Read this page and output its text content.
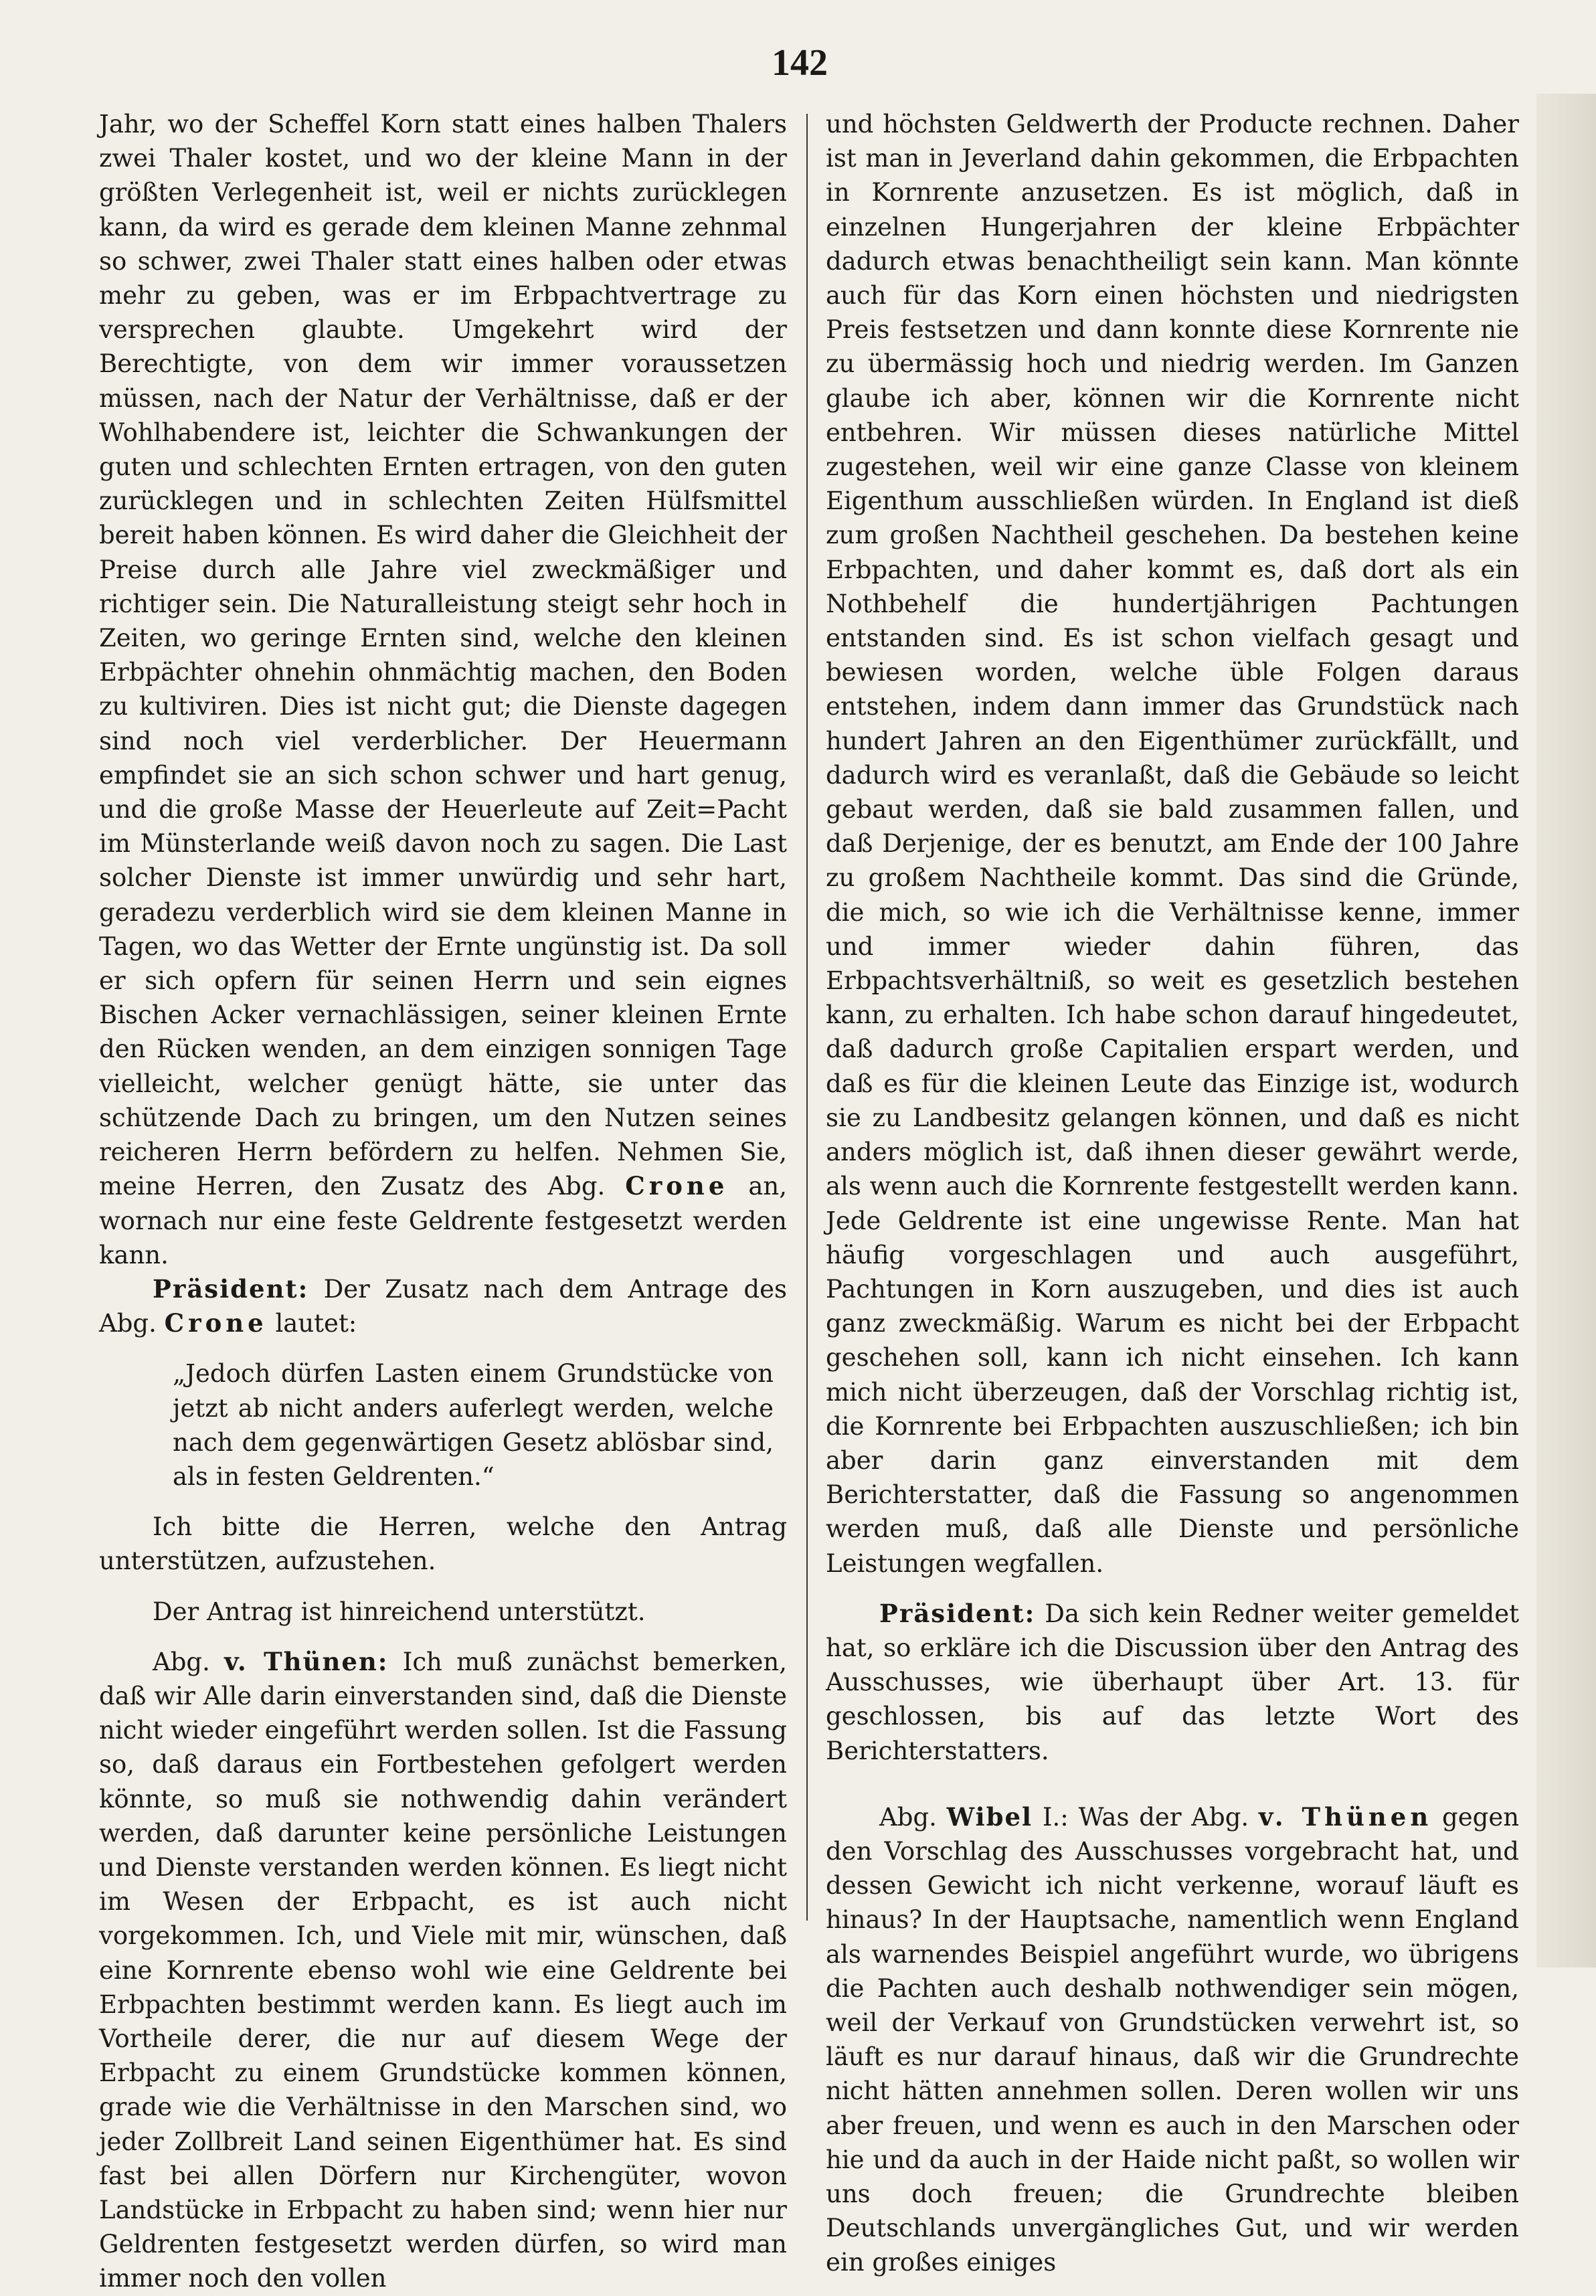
142

Jahr, wo der Scheffel Korn statt eines halben Thalers zwei Thaler kostet, und wo der kleine Mann in der größten Verlegenheit ist, weil er nichts zurücklegen kann, da wird es gerade dem kleinen Manne zehnmal so schwer, zwei Thaler statt eines halben oder etwas mehr zu geben, was er im Erbpachtvertrage zu versprechen glaubte. Umgekehrt wird der Berechtigte, von dem wir immer voraussetzen müssen, nach der Natur der Verhältnisse, daß er der Wohlhabendere ist, leichter die Schwankungen der guten und schlechten Ernten ertragen, von den guten zurücklegen und in schlechten Zeiten Hülfsmittel bereit haben können. Es wird daher die Gleichheit der Preise durch alle Jahre viel zweckmäßiger und richtiger sein. Die Naturalleistung steigt sehr hoch in Zeiten, wo geringe Ernten sind, welche den kleinen Erbpächter ohnehin ohnmächtig machen, den Boden zu kultiviren. Dies ist nicht gut; die Dienste dagegen sind noch viel verderblicher. Der Heuermann empfindet sie an sich schon schwer und hart genug, und die große Masse der Heuerleute auf Zeit=Pacht im Münsterlande weiß davon noch zu sagen. Die Last solcher Dienste ist immer unwürdig und sehr hart, geradezu verderblich wird sie dem kleinen Manne in Tagen, wo das Wetter der Ernte ungünstig ist. Da soll er sich opfern für seinen Herrn und sein eignes Bischen Acker vernachlässigen, seiner kleinen Ernte den Rücken wenden, an dem einzigen sonnigen Tage vielleicht, welcher genügt hätte, sie unter das schützende Dach zu bringen, um den Nutzen seines reicheren Herrn befördern zu helfen. Nehmen Sie, meine Herren, den Zusatz des Abg. Crone an, wornach nur eine feste Geldrente festgesetzt werden kann.

Präsident: Der Zusatz nach dem Antrage des Abg. Crone lautet:

„Jedoch dürfen Lasten einem Grundstücke von jetzt ab nicht anders auferlegt werden, welche nach dem gegenwärtigen Gesetz ablösbar sind, als in festen Geldrenten.“

Ich bitte die Herren, welche den Antrag unterstützen, aufzustehen.

Der Antrag ist hinreichend unterstützt.

Abg. v. Thünen: Ich muß zunächst bemerken, daß wir Alle darin einverstanden sind, daß die Dienste nicht wieder eingeführt werden sollen. Ist die Fassung so, daß daraus ein Fortbestehen gefolgert werden könnte, so muß sie nothwendig dahin verändert werden, daß darunter keine persönliche Leistungen und Dienste verstanden werden können. Es liegt nicht im Wesen der Erbpacht, es ist auch nicht vorgekommen. Ich, und Viele mit mir, wünschen, daß eine Kornrente ebenso wohl wie eine Geldrente bei Erbpachten bestimmt werden kann. Es liegt auch im Vortheile derer, die nur auf diesem Wege der Erbpacht zu einem Grundstücke kommen können, grade wie die Verhältnisse in den Marschen sind, wo jeder Zollbreit Land seinen Eigenthümer hat. Es sind fast bei allen Dörfern nur Kirchengüter, wovon Landstücke in Erbpacht zu haben sind; wenn hier nur Geldrenten festgesetzt werden dürfen, so wird man immer noch den vollen

und höchsten Geldwerth der Producte rechnen. Daher ist man in Jeverland dahin gekommen, die Erbpachten in Kornrente anzusetzen. Es ist möglich, daß in einzelnen Hungerjahren der kleine Erbpächter dadurch etwas benachtheiligt sein kann. Man könnte auch für das Korn einen höchsten und niedrigsten Preis festsetzen und dann konnte diese Kornrente nie zu übermässig hoch und niedrig werden. Im Ganzen glaube ich aber, können wir die Kornrente nicht entbehren. Wir müssen dieses natürliche Mittel zugestehen, weil wir eine ganze Classe von kleinem Eigenthum ausschließen würden. In England ist dieß zum großen Nachtheil geschehen. Da bestehen keine Erbpachten, und daher kommt es, daß dort als ein Nothbehelf die hundertjährigen Pachtungen entstanden sind. Es ist schon vielfach gesagt und bewiesen worden, welche üble Folgen daraus entstehen, indem dann immer das Grundstück nach hundert Jahren an den Eigenthümer zurückfällt, und dadurch wird es veranlaßt, daß die Gebäude so leicht gebaut werden, daß sie bald zusammen fallen, und daß Derjenige, der es benutzt, am Ende der 100 Jahre zu großem Nachtheile kommt. Das sind die Gründe, die mich, so wie ich die Verhältnisse kenne, immer und immer wieder dahin führen, das Erbpachtsverhältniß, so weit es gesetzlich bestehen kann, zu erhalten. Ich habe schon darauf hingedeutet, daß dadurch große Capitalien erspart werden, und daß es für die kleinen Leute das Einzige ist, wodurch sie zu Landbesitz gelangen können, und daß es nicht anders möglich ist, daß ihnen dieser gewährt werde, als wenn auch die Kornrente festgestellt werden kann. Jede Geldrente ist eine ungewisse Rente. Man hat häufig vorgeschlagen und auch ausgeführt, Pachtungen in Korn auszugeben, und dies ist auch ganz zweckmäßig. Warum es nicht bei der Erbpacht geschehen soll, kann ich nicht einsehen. Ich kann mich nicht überzeugen, daß der Vorschlag richtig ist, die Kornrente bei Erbpachten auszuschließen; ich bin aber darin ganz einverstanden mit dem Berichterstatter, daß die Fassung so angenommen werden muß, daß alle Dienste und persönliche Leistungen wegfallen.

Präsident: Da sich kein Redner weiter gemeldet hat, so erkläre ich die Discussion über den Antrag des Ausschusses, wie überhaupt über Art. 13. für geschlossen, bis auf das letzte Wort des Berichterstatters.

Abg. Wibel I.: Was der Abg. v. Thünen gegen den Vorschlag des Ausschusses vorgebracht hat, und dessen Gewicht ich nicht verkenne, worauf läuft es hinaus? In der Hauptsache, namentlich wenn England als warnendes Beispiel angeführt wurde, wo übrigens die Pachten auch deshalb nothwendiger sein mögen, weil der Verkauf von Grundstücken verwehrt ist, so läuft es nur darauf hinaus, daß wir die Grundrechte nicht hätten annehmen sollen. Deren wollen wir uns aber freuen, und wenn es auch in den Marschen oder hie und da auch in der Haide nicht paßt, so wollen wir uns doch freuen; die Grundrechte bleiben Deutschlands unvergängliches Gut, und wir werden ein großes einiges
